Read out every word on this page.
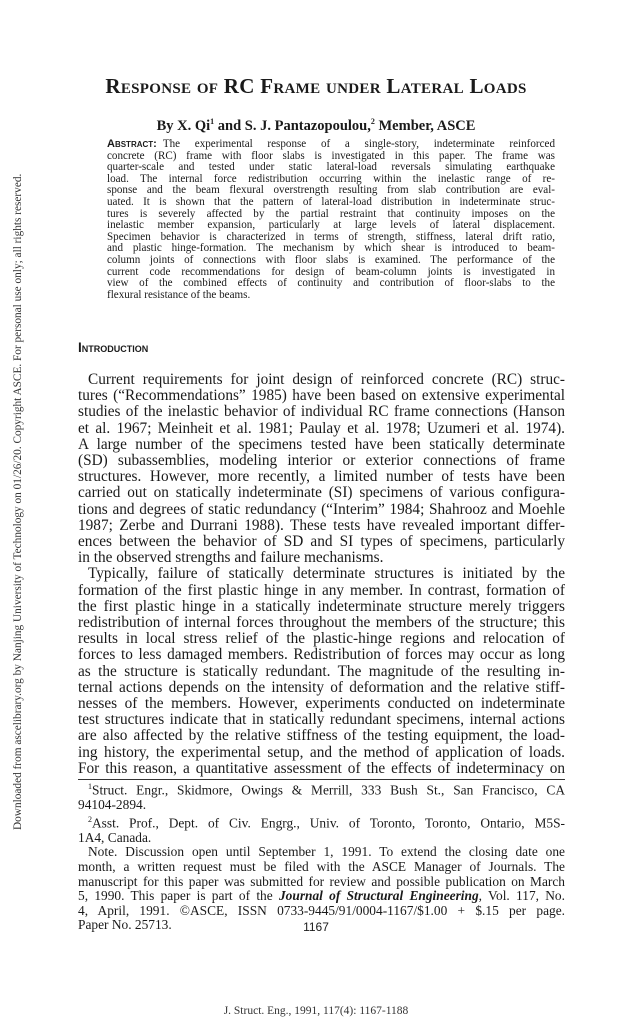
Downloaded from ascelibrary.org by Nanjing University of Technology on 01/26/20. Copyright ASCE. For personal use only; all rights reserved.
Response of RC Frame under Lateral Loads
By X. Qi$^1$ and S. J. Pantazopoulou,$^2$ Member, ASCE
Abstract: The experimental response of a single-story, indeterminate reinforced
concrete (RC) frame with floor slabs is investigated in this paper. The frame was
quarter-scale and tested under static lateral-load reversals simulating earthquake
load. The internal force redistribution occurring within the inelastic range of re-
sponse and the beam flexural overstrength resulting from slab contribution are eval-
uated. It is shown that the pattern of lateral-load distribution in indeterminate struc-
tures is severely affected by the partial restraint that continuity imposes on the
inelastic member expansion, particularly at large levels of lateral displacement.
Specimen behavior is characterized in terms of strength, stiffness, lateral drift ratio,
and plastic hinge-formation. The mechanism by which shear is introduced to beam-
column joints of connections with floor slabs is examined. The performance of the
current code recommendations for design of beam-column joints is investigated in
view of the combined effects of continuity and contribution of floor-slabs to the
flexural resistance of the beams.
Introduction
Current requirements for joint design of reinforced concrete (RC) struc-
tures (“Recommendations” 1985) have been based on extensive experimental
studies of the inelastic behavior of individual RC frame connections (Hanson
et al. 1967; Meinheit et al. 1981; Paulay et al. 1978; Uzumeri et al. 1974).
A large number of the specimens tested have been statically determinate
(SD) subassemblies, modeling interior or exterior connections of frame
structures. However, more recently, a limited number of tests have been
carried out on statically indeterminate (SI) specimens of various configura-
tions and degrees of static redundancy (“Interim” 1984; Shahrooz and Moehle
1987; Zerbe and Durrani 1988). These tests have revealed important differ-
ences between the behavior of SD and SI types of specimens, particularly
in the observed strengths and failure mechanisms.
Typically, failure of statically determinate structures is initiated by the
formation of the first plastic hinge in any member. In contrast, formation of
the first plastic hinge in a statically indeterminate structure merely triggers
redistribution of internal forces throughout the members of the structure; this
results in local stress relief of the plastic-hinge regions and relocation of
forces to less damaged members. Redistribution of forces may occur as long
as the structure is statically redundant. The magnitude of the resulting in-
ternal actions depends on the intensity of deformation and the relative stiff-
nesses of the members. However, experiments conducted on indeterminate
test structures indicate that in statically redundant specimens, internal actions
are also affected by the relative stiffness of the testing equipment, the load-
ing history, the experimental setup, and the method of application of loads.
For this reason, a quantitative assessment of the effects of indeterminacy on
$^1$Struct. Engr., Skidmore, Owings & Merrill, 333 Bush St., San Francisco, CA
94104-2894.
$^2$Asst. Prof., Dept. of Civ. Engrg., Univ. of Toronto, Toronto, Ontario, M5S-
1A4, Canada.
Note. Discussion open until September 1, 1991. To extend the closing date one
month, a written request must be filed with the ASCE Manager of Journals. The
manuscript for this paper was submitted for review and possible publication on March
5, 1990. This paper is part of the Journal of Structural Engineering, Vol. 117, No.
4, April, 1991. ©ASCE, ISSN 0733-9445/91/0004-1167/$1.00 + $.15 per page.
Paper No. 25713.	1167
J. Struct. Eng., 1991, 117(4): 1167-1188
